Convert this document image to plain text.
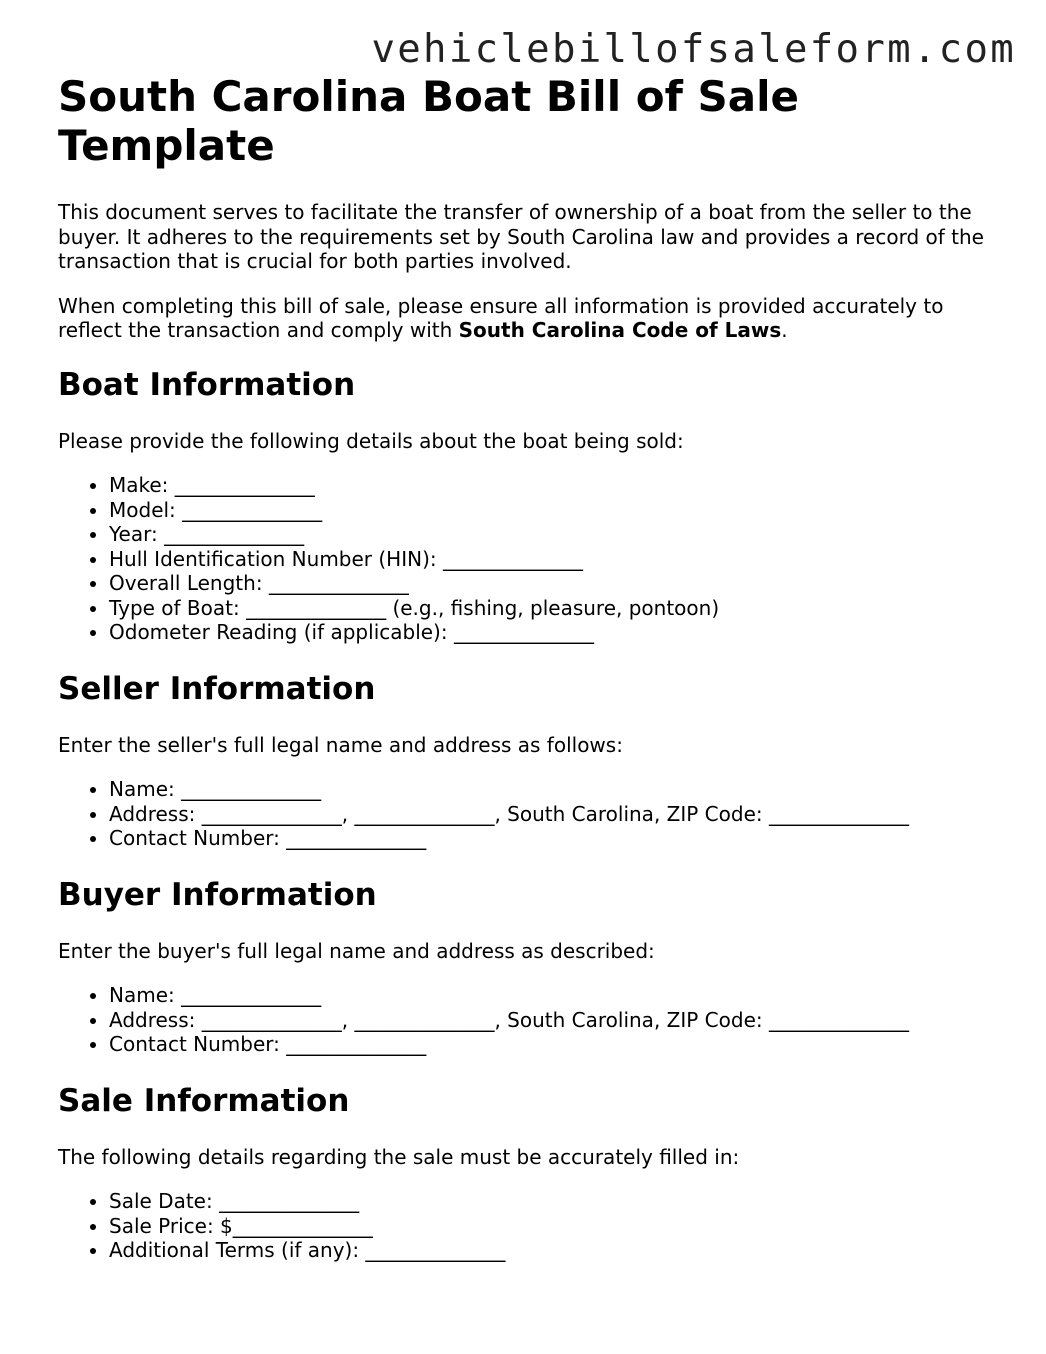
vehiclebillofsaleform.com
South Carolina Boat Bill of Sale Template

This document serves to facilitate the transfer of ownership of a boat from the seller to the buyer. It adheres to the requirements set by South Carolina law and provides a record of the transaction that is crucial for both parties involved.

When completing this bill of sale, please ensure all information is provided accurately to reflect the transaction and comply with South Carolina Code of Laws.

Boat Information

Please provide the following details about the boat being sold:

• Make: ______________
• Model: ______________
• Year: ______________
• Hull Identification Number (HIN): ______________
• Overall Length: ______________
• Type of Boat: ______________ (e.g., fishing, pleasure, pontoon)
• Odometer Reading (if applicable): ______________
Seller Information

Enter the seller's full legal name and address as follows:

• Name: ______________
• Address: ______________, ______________, South Carolina, ZIP Code: ______________
• Contact Number: ______________
Buyer Information

Enter the buyer's full legal name and address as described:

• Name: ______________
• Address: ______________, ______________, South Carolina, ZIP Code: ______________
• Contact Number: ______________
Sale Information

The following details regarding the sale must be accurately filled in:

• Sale Date: ______________
• Sale Price: $______________
• Additional Terms (if any): ______________
